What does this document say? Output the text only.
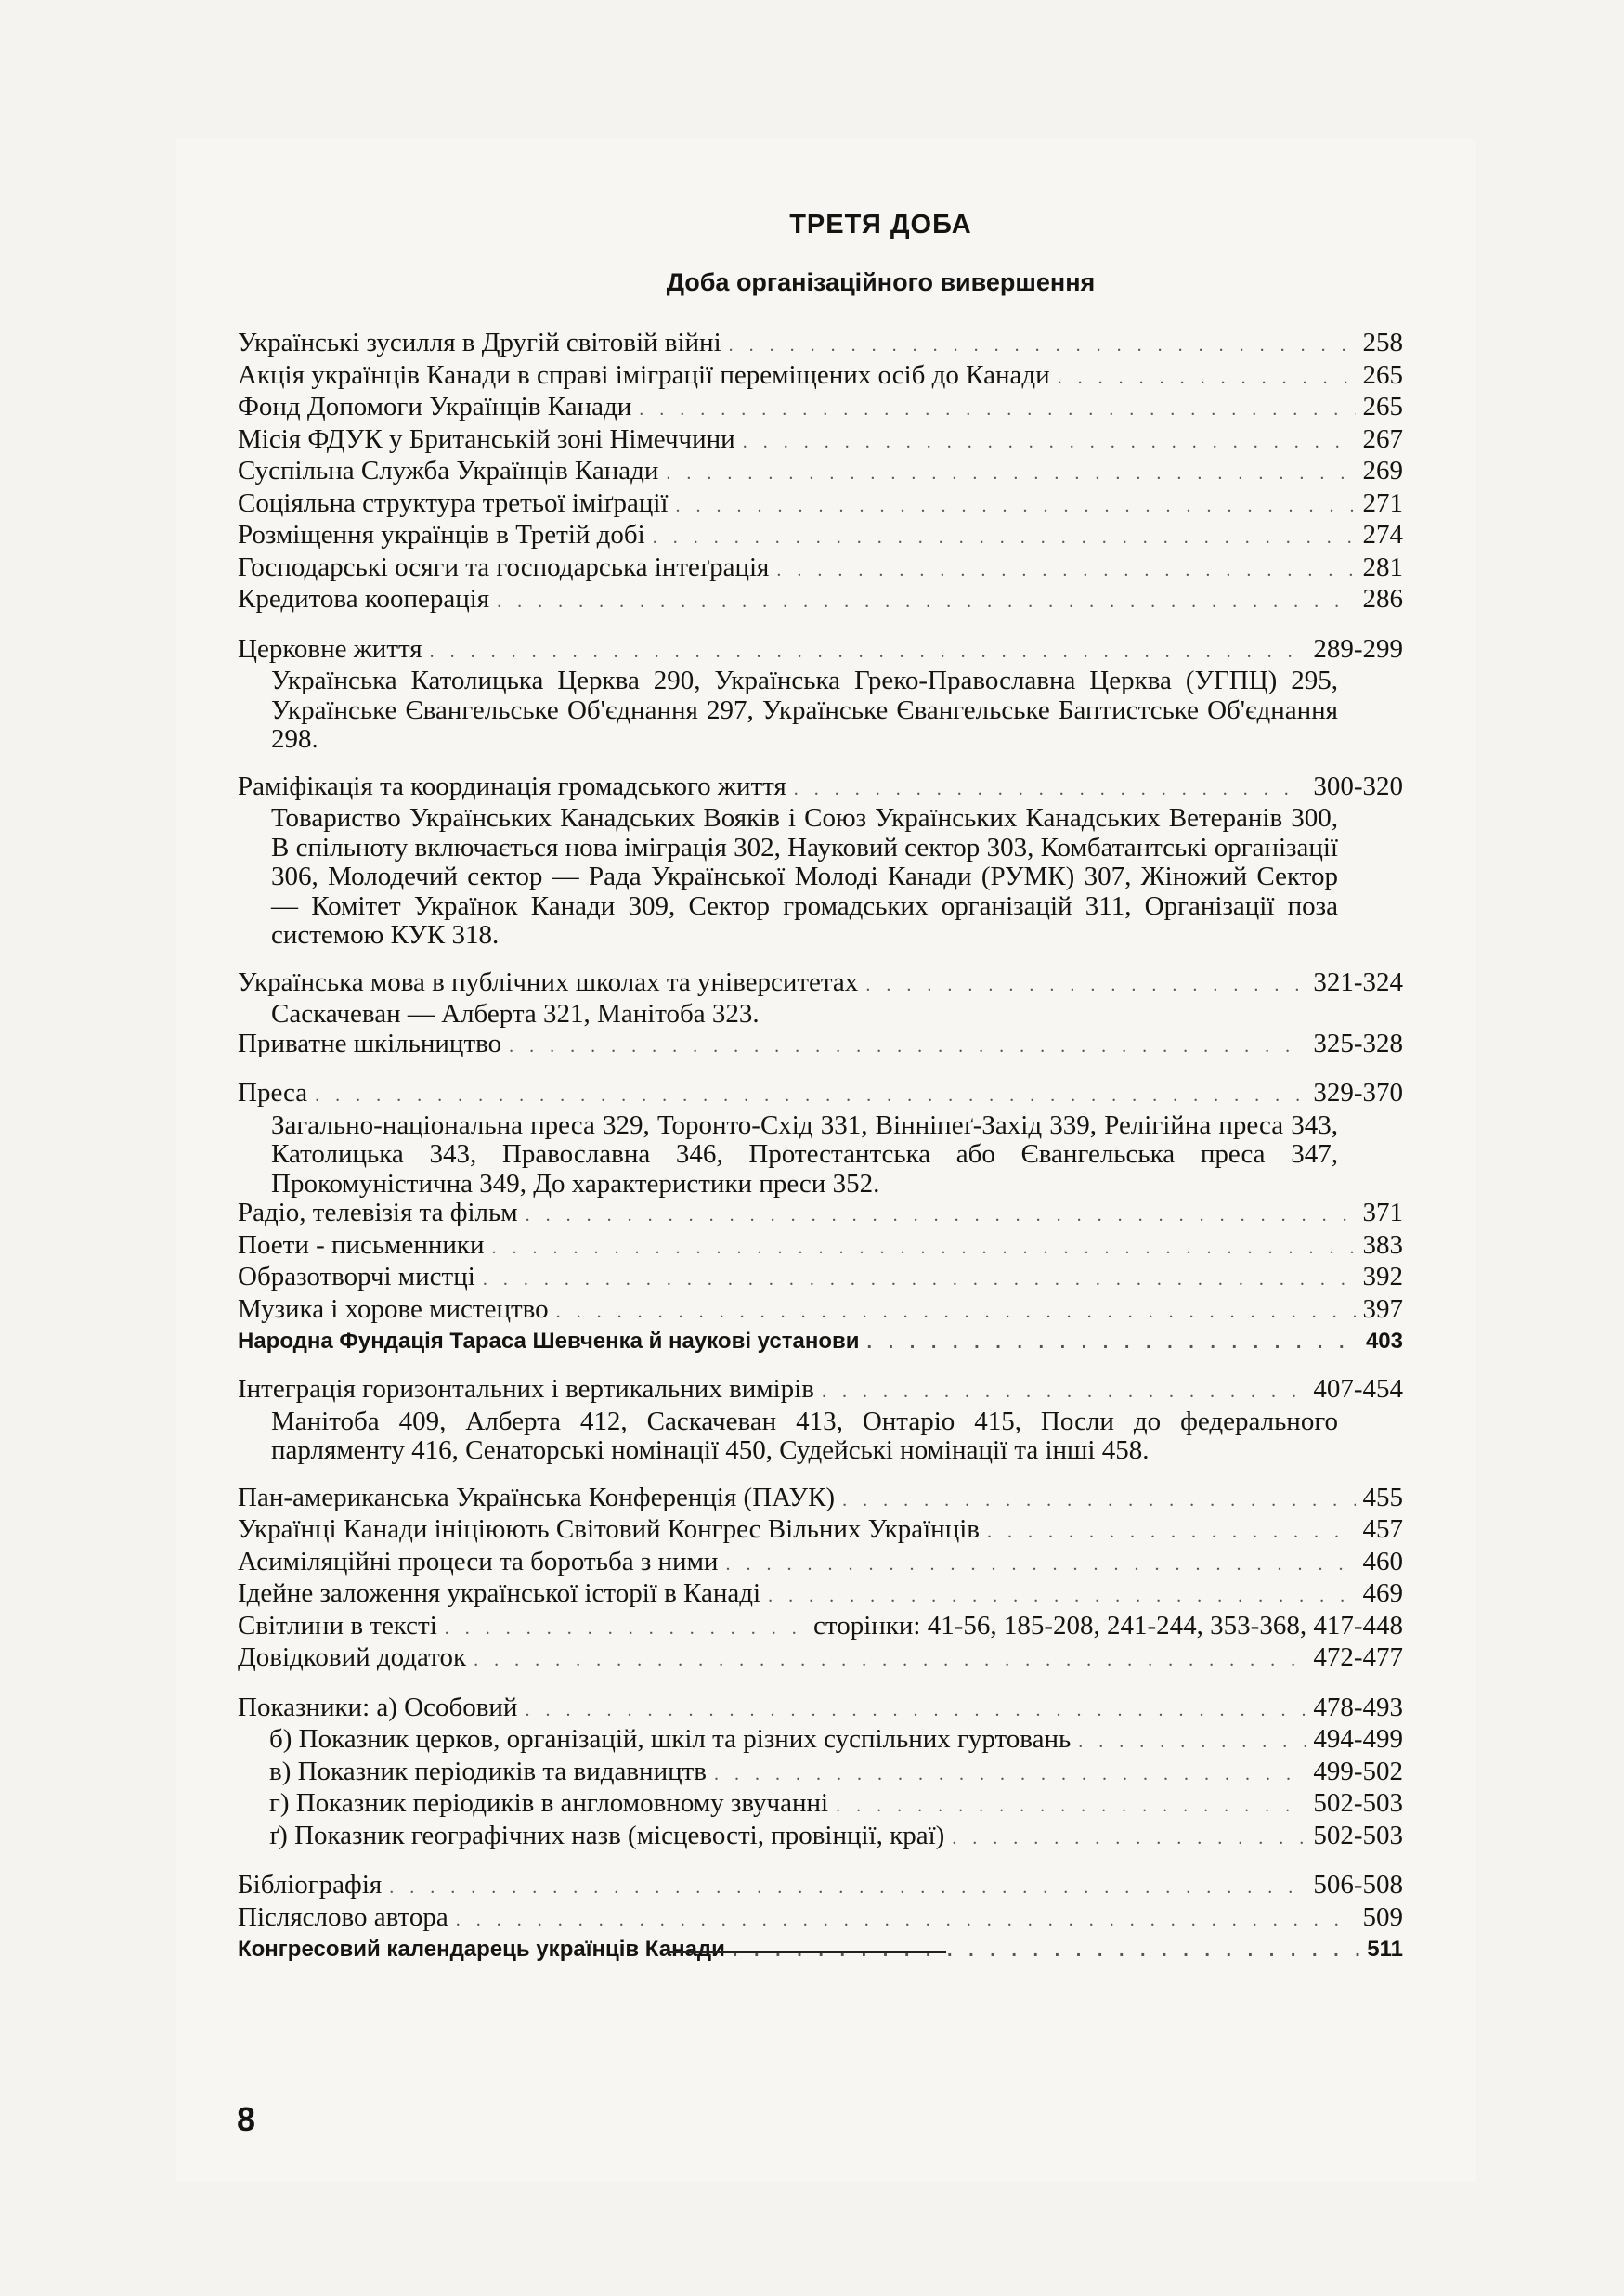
ТРЕТЯ ДОБА
Доба організаційного вивершення
Українські зусилля в Другій світовій війні . . .	258
Акція українців Канади в справі імігpації переміщених осіб до Канади . . .	265
Фонд Допомоги Українців Канади . . .	265
Місія ФДУК у Британській зоні Німеччини . . .	267
Суспільна Служба Українців Канади . . .	269
Соціяльна структура третьої іміґрації . . .	271
Розміщення українців в Третій добі . . .	274
Господарські осяги та господарська інтеґрація . . .	281
Кредитова кооперація . . .	286
Церковне життя . . .	289-299
Українська Католицька Церква 290, Українська Греко-Православна Церква (УГПЦ) 295, Українське Євангельське Об'єднання 297, Українське Євангельське Баптистське Об'єднання 298.
Раміфікація та координація громадського життя . . .	300-320
Товариство Українських Канадських Вояків і Союз Українських Канадських Ветеранів 300, В спільноту включається нова іміграція 302, Науковий сектор 303, Комбатантські організації 306, Молодечий сектор — Рада Української Молоді Канади (РУМК) 307, Жіножий Сектор — Комітет Українок Канади 309, Сектор громадських організацій 311, Організації поза системою КУК 318.
Українська мова в публічних школах та університетах . . .	321-324
Саскачеван — Алберта 321, Манітоба 323.
Приватне шкільництво . . .	325-328
Преса . . .	329-370
Загально-національна преса 329, Торонто-Схід 331, Вінніпеґ-Захід 339, Релігійна преса 343, Католицька 343, Православна 346, Протестантська або Євангельська преса 347, Прокомуністична 349, До характеристики преси 352.
Радіо, телевізія та фільм . . .	371
Поети - письменники . . .	383
Образотворчі мистці . . .	392
Музика і хорове мистецтво . . .	397
Народна Фундація Тараса Шевченка й наукові установи . . .	403
Інтеграція горизонтальних і вертикальних вимірів . . .	407-454
Манітоба 409, Алберта 412, Саскачеван 413, Онтаріо 415, Посли до федерального парляменту 416, Сенаторські номінації 450, Судейські номінації та інші 458.
Пан-американська Українська Конференція (ПАУК) . . .	455
Українці Канади ініціюють Світовий Конгрес Вільних Українців . . .	457
Асиміляційні процеси та боротьба з ними . . .	460
Ідейне заложення української історії в Канаді . . .	469
Світлини в тексті . . .	сторінки: 41-56, 185-208, 241-244, 353-368, 417-448
Довідковий додаток . . .	472-477
Показники: а) Особовий . . .	478-493
б) Показник церков, організацій, шкіл та різних суспільних гуртовань . . .	494-499
в) Показник періодиків та видавництв . . .	499-502
г) Показник періодиків в англомовному звучанні . . .	502-503
ґ) Показник географічних назв (місцевості, провінції, краї) . . .	502-503
Бібліографія . . .	506-508
Післяслово автора . . .	509
Конгресовий календарець українців Канади . . .	511
8
